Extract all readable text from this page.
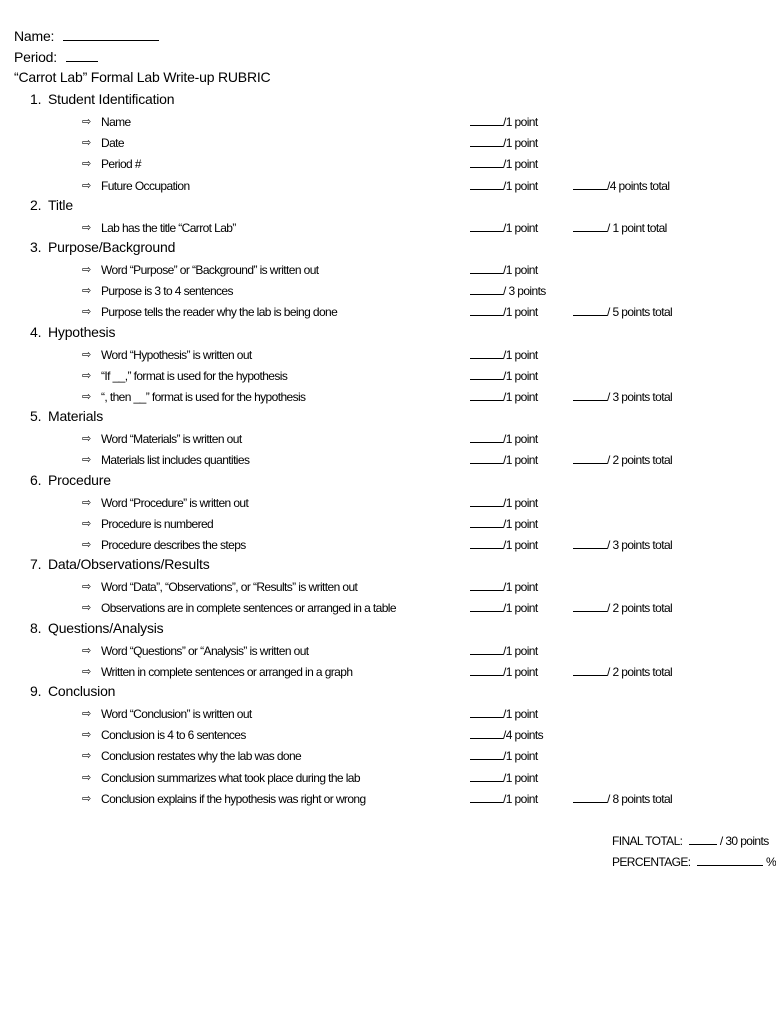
Name:
Period:
“Carrot Lab” Formal Lab Write-up RUBRIC
1. Student Identification
⇨ Name	/1 point
⇨ Date	/1 point
⇨ Period #	/1 point
⇨ Future Occupation	/1 point	/4 points total
2. Title
⇨ Lab has the title “Carrot Lab”	/1 point	/ 1 point total
3. Purpose/Background
⇨ Word “Purpose” or “Background” is written out	/1 point
⇨ Purpose is 3 to 4 sentences	/ 3 points
⇨ Purpose tells the reader why the lab is being done	/1 point	/ 5 points total
4. Hypothesis
⇨ Word “Hypothesis” is written out	/1 point
⇨ “If __,” format is used for the hypothesis	/1 point
⇨ “, then __” format is used for the hypothesis	/1 point	/ 3 points total
5. Materials
⇨ Word “Materials” is written out	/1 point
⇨ Materials list includes quantities	/1 point	/ 2 points total
6. Procedure
⇨ Word “Procedure” is written out	/1 point
⇨ Procedure is numbered	/1 point
⇨ Procedure describes the steps	/1 point	/ 3 points total
7. Data/Observations/Results
⇨ Word “Data”, “Observations”, or “Results” is written out	/1 point
⇨ Observations are in complete sentences or arranged in a table	/1 point	/ 2 points total
8. Questions/Analysis
⇨ Word “Questions” or “Analysis” is written out	/1 point
⇨ Written in complete sentences or arranged in a graph	/1 point	/ 2 points total
9. Conclusion
⇨ Word “Conclusion” is written out	/1 point
⇨ Conclusion is 4 to 6 sentences	/4 points
⇨ Conclusion restates why the lab was done	/1 point
⇨ Conclusion summarizes what took place during the lab	/1 point
⇨ Conclusion explains if the hypothesis was right or wrong	/1 point	/ 8 points total
FINAL TOTAL:	/ 30 points
PERCENTAGE:	%
